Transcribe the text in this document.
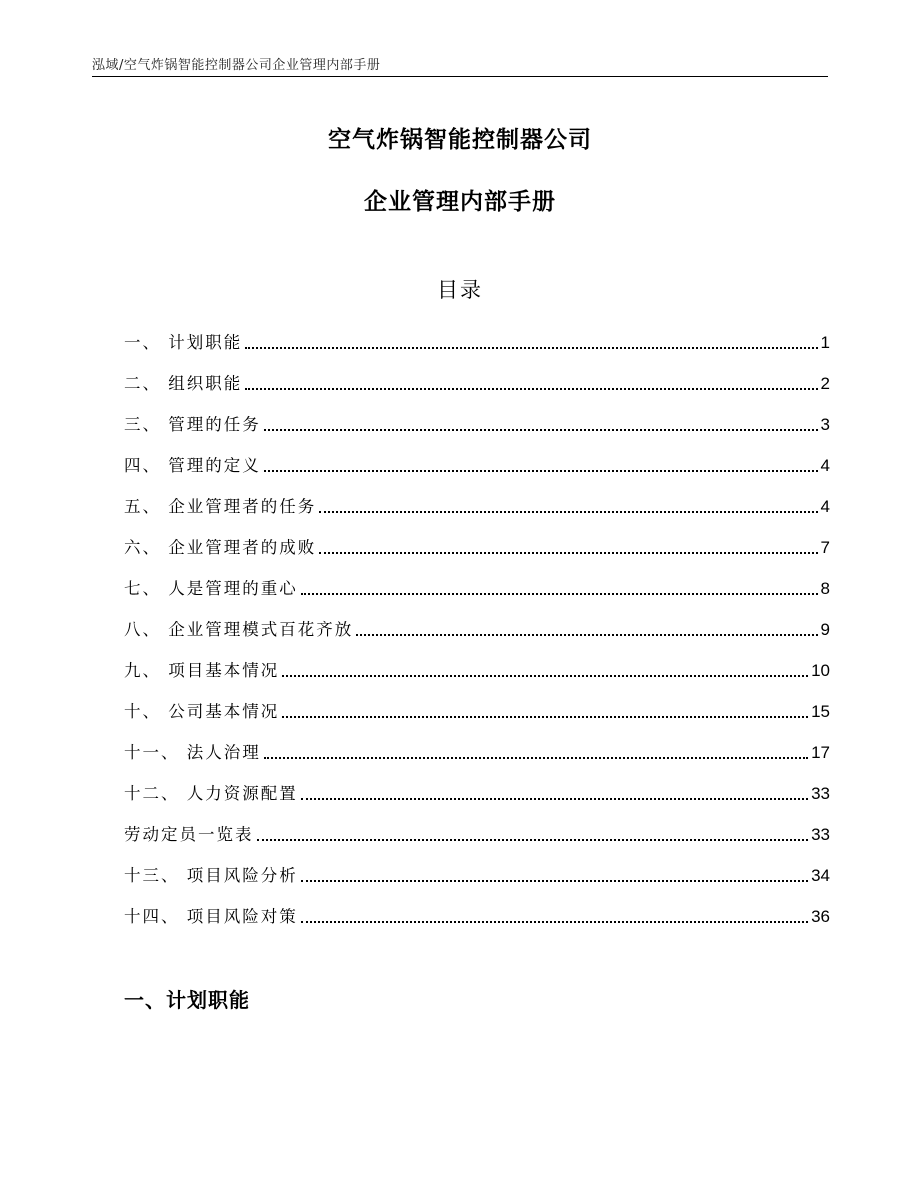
泓域/空气炸锅智能控制器公司企业管理内部手册
空气炸锅智能控制器公司
企业管理内部手册
目录
一、 计划职能	1
二、 组织职能	2
三、 管理的任务	3
四、 管理的定义	4
五、 企业管理者的任务	4
六、 企业管理者的成败	7
七、 人是管理的重心	8
八、 企业管理模式百花齐放	9
九、 项目基本情况	10
十、 公司基本情况	15
十一、 法人治理	17
十二、 人力资源配置	33
劳动定员一览表	33
十三、 项目风险分析	34
十四、 项目风险对策	36
一、计划职能
